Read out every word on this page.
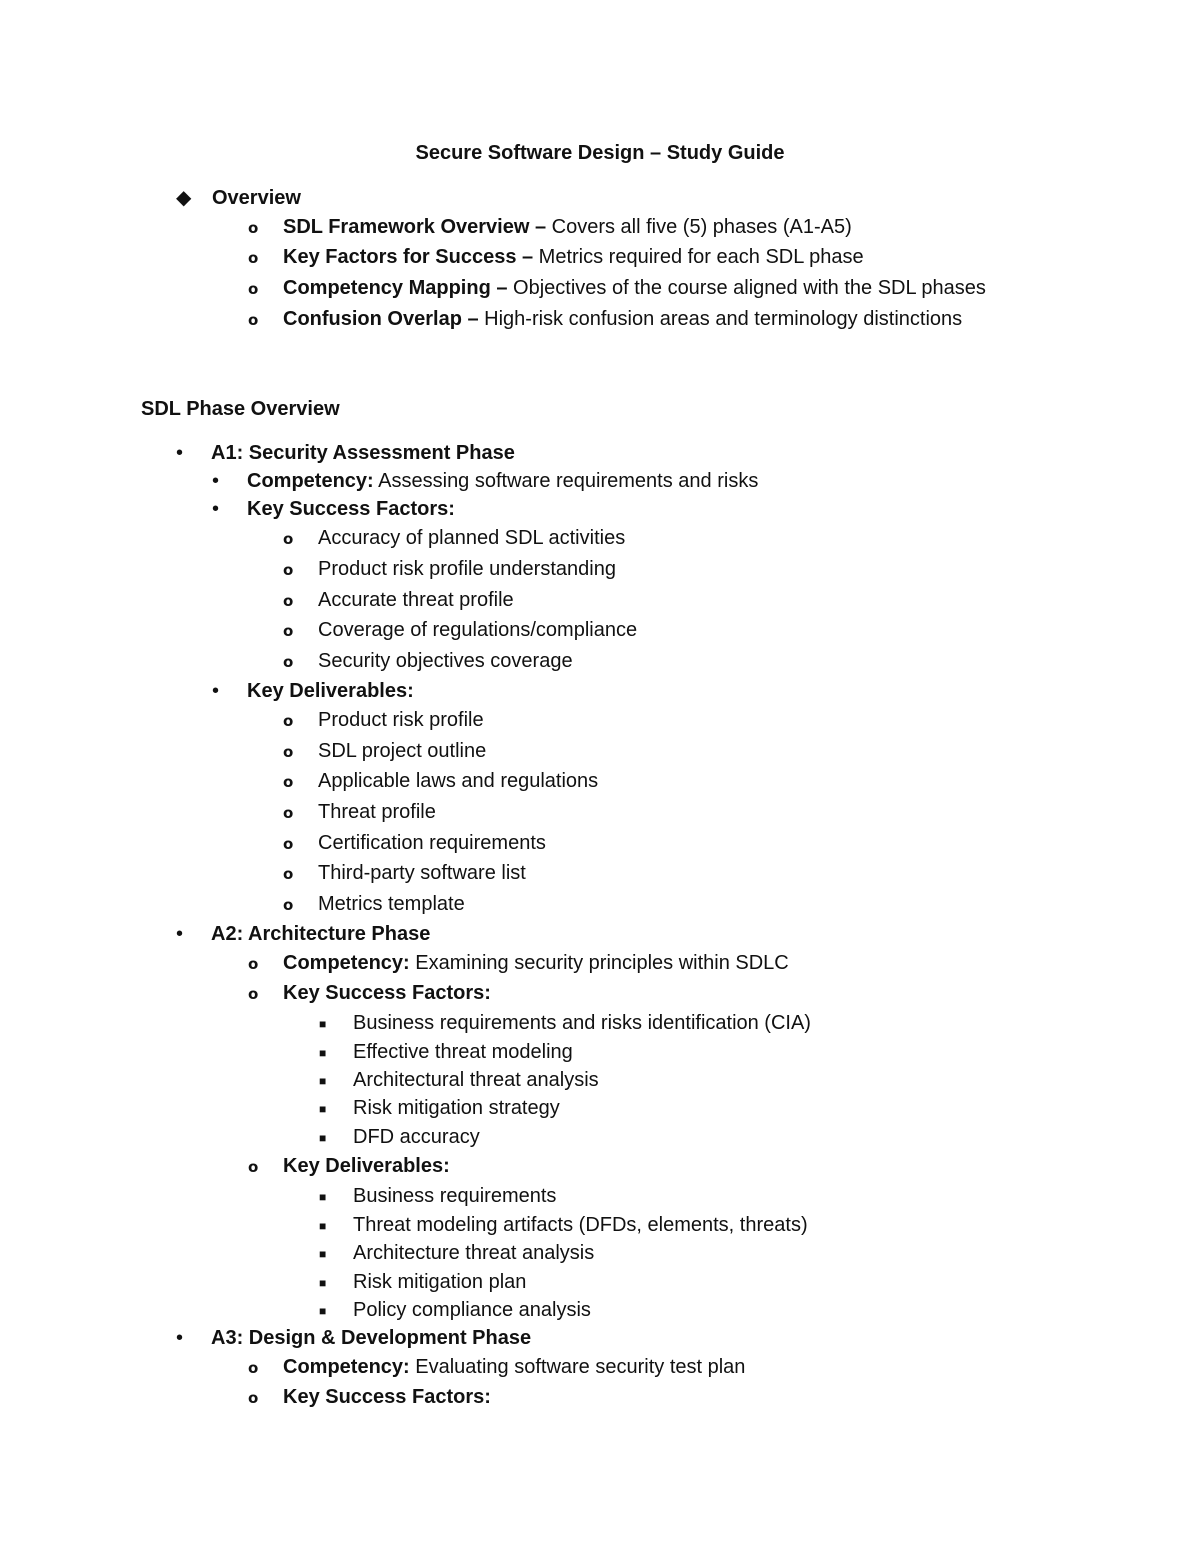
Secure Software Design – Study Guide
◆ Overview
o SDL Framework Overview – Covers all five (5) phases (A1-A5)
o Key Factors for Success – Metrics required for each SDL phase
o Competency Mapping – Objectives of the course aligned with the SDL phases
o Confusion Overlap – High-risk confusion areas and terminology distinctions
SDL Phase Overview
• A1: Security Assessment Phase
• Competency: Assessing software requirements and risks
• Key Success Factors:
o Accuracy of planned SDL activities
o Product risk profile understanding
o Accurate threat profile
o Coverage of regulations/compliance
o Security objectives coverage
• Key Deliverables:
o Product risk profile
o SDL project outline
o Applicable laws and regulations
o Threat profile
o Certification requirements
o Third-party software list
o Metrics template
• A2: Architecture Phase
o Competency: Examining security principles within SDLC
o Key Success Factors:
■ Business requirements and risks identification (CIA)
■ Effective threat modeling
■ Architectural threat analysis
■ Risk mitigation strategy
■ DFD accuracy
o Key Deliverables:
■ Business requirements
■ Threat modeling artifacts (DFDs, elements, threats)
■ Architecture threat analysis
■ Risk mitigation plan
■ Policy compliance analysis
• A3: Design & Development Phase
o Competency: Evaluating software security test plan
o Key Success Factors:
